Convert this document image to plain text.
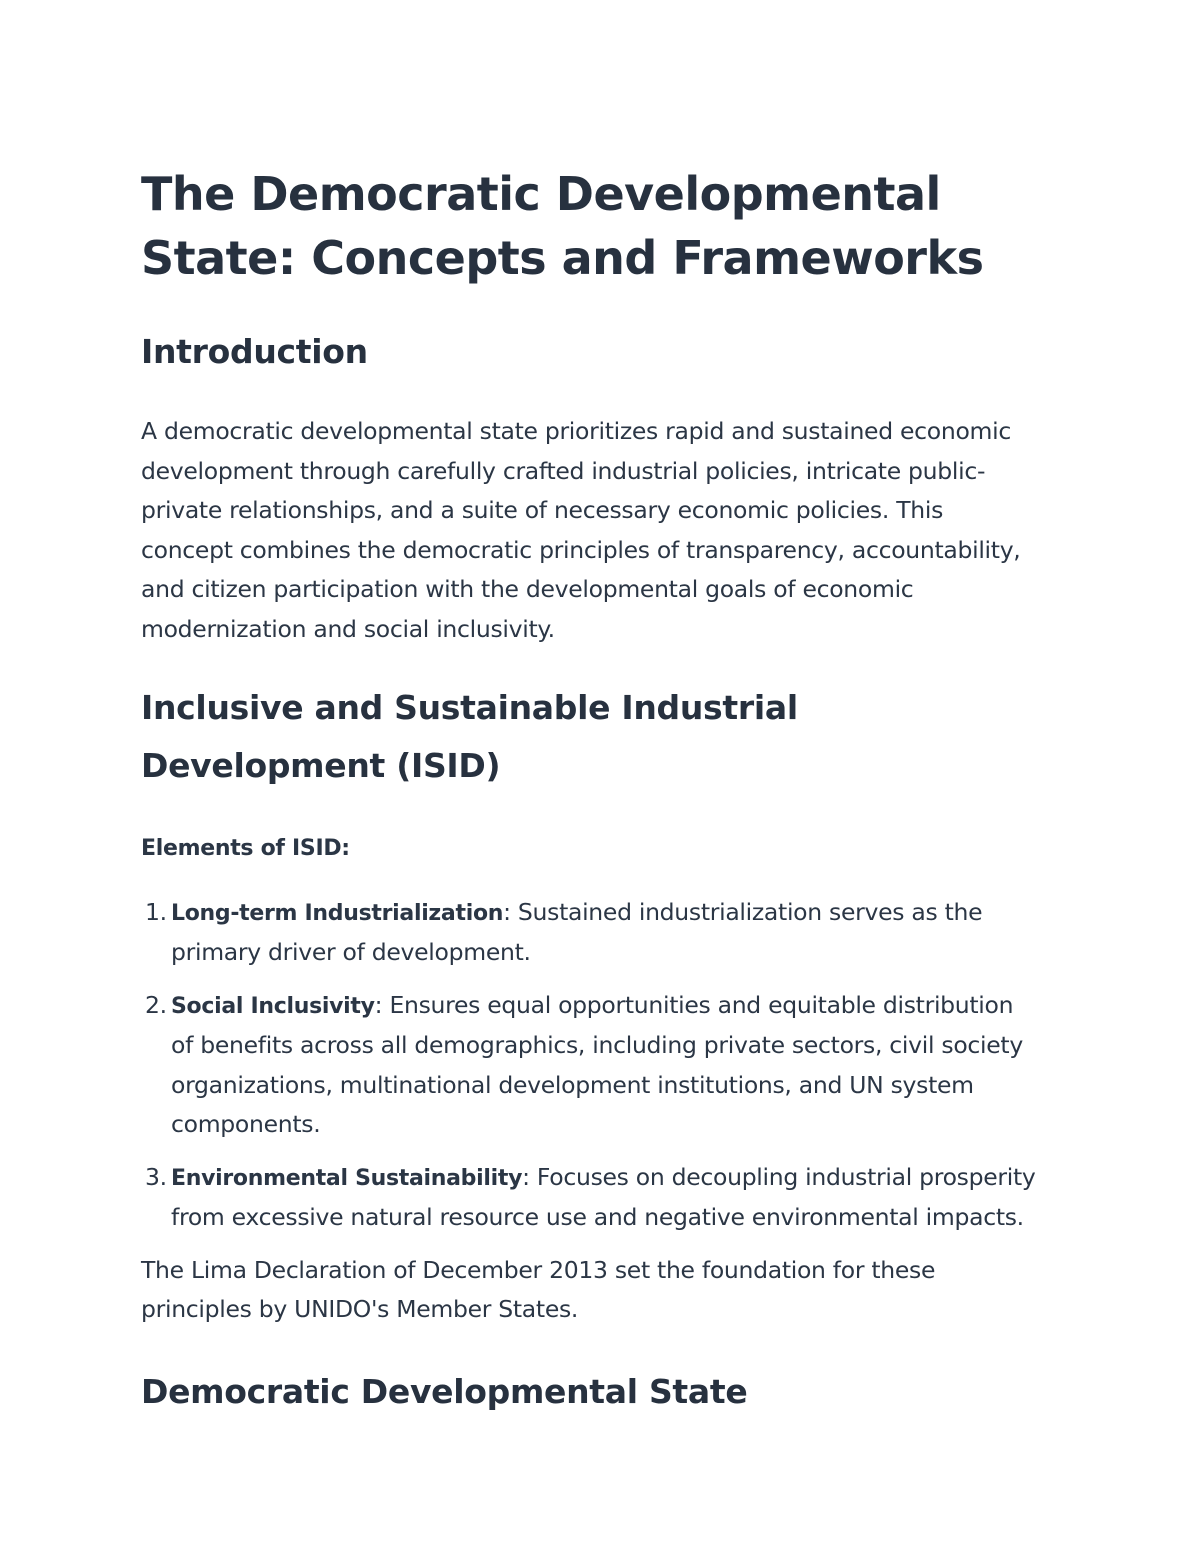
The Democratic Developmental State: Concepts and Frameworks
Introduction

A democratic developmental state prioritizes rapid and sustained economic development through carefully crafted industrial policies, intricate public-private relationships, and a suite of necessary economic policies. This concept combines the democratic principles of transparency, accountability, and citizen participation with the developmental goals of economic modernization and social inclusivity.

Inclusive and Sustainable Industrial Development (ISID)

Elements of ISID:

1. Long-term Industrialization: Sustained industrialization serves as the primary driver of development.
2. Social Inclusivity: Ensures equal opportunities and equitable distribution of benefits across all demographics, including private sectors, civil society organizations, multinational development institutions, and UN system components.
3. Environmental Sustainability: Focuses on decoupling industrial prosperity from excessive natural resource use and negative environmental impacts.

The Lima Declaration of December 2013 set the foundation for these principles by UNIDO's Member States.

Democratic Developmental State
